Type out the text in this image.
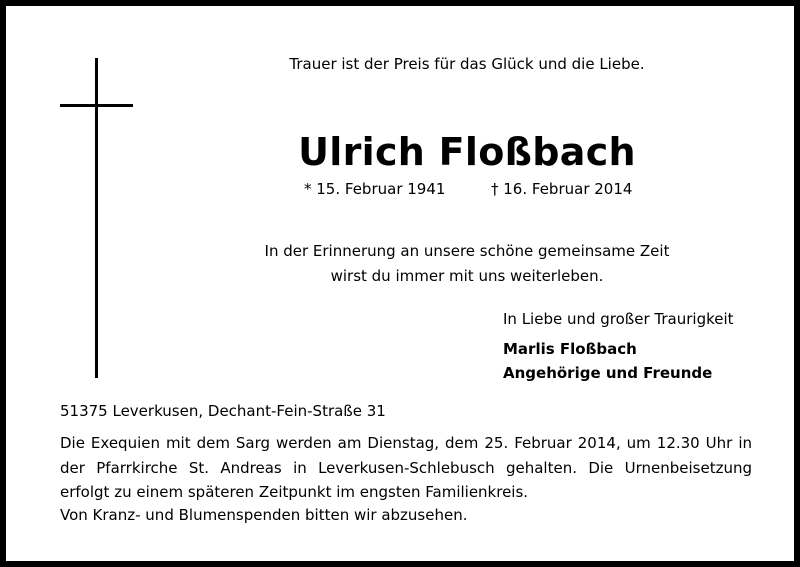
Trauer ist der Preis für das Glück und die Liebe.
Ulrich Floßbach
* 15. Februar 1941	† 16. Februar 2014
In der Erinnerung an unsere schöne gemeinsame Zeit
wirst du immer mit uns weiterleben.
In Liebe und großer Traurigkeit
Marlis Floßbach
Angehörige und Freunde
51375 Leverkusen, Dechant-Fein-Straße 31
Die Exequien mit dem Sarg werden am Dienstag, dem 25. Februar 2014, um 12.30 Uhr in der Pfarrkirche St. Andreas in Leverkusen-Schlebusch gehalten. Die Urnenbeisetzung erfolgt zu einem späteren Zeitpunkt im engsten Familienkreis.
Von Kranz- und Blumenspenden bitten wir abzusehen.
